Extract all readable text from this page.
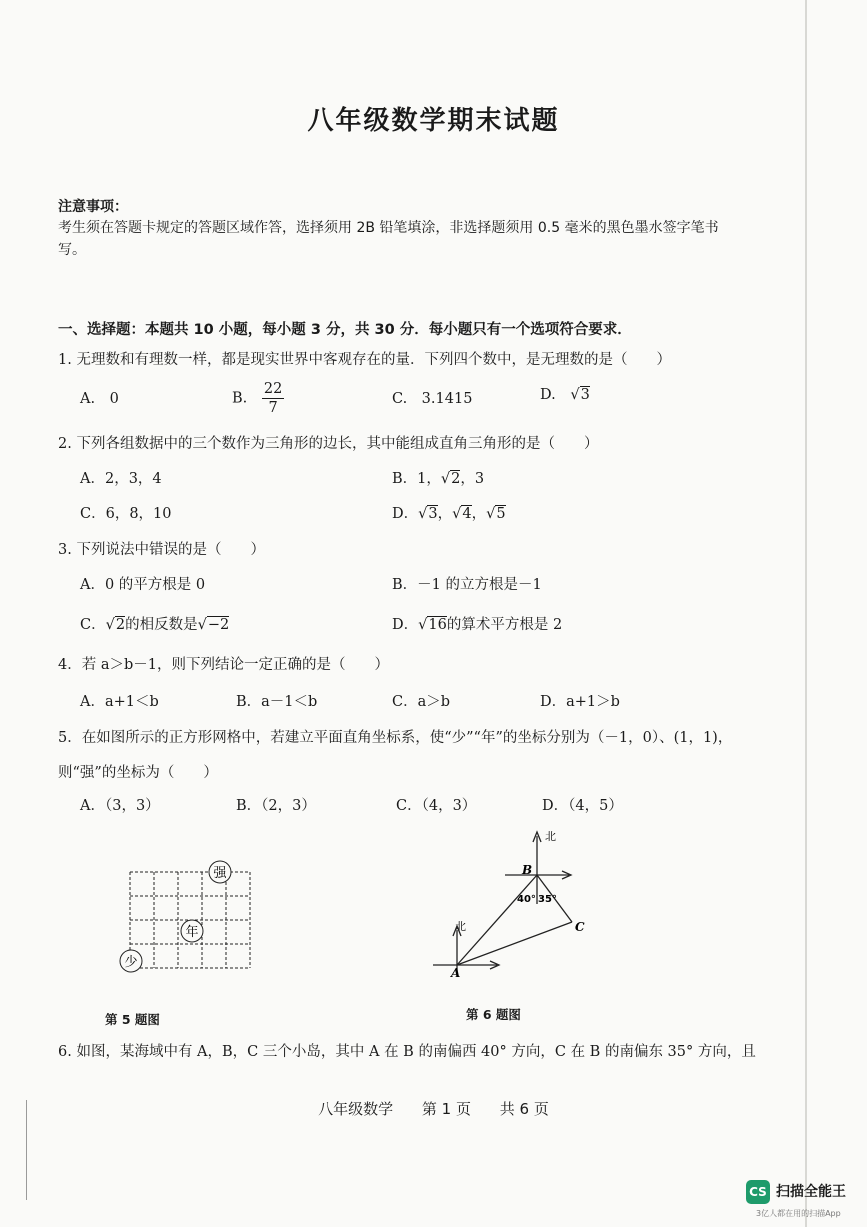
八年级数学期末试题
注意事项：
考生须在答题卡规定的答题区域作答，选择须用 2B 铅笔填涂，非选择题须用 0.5 毫米的黑色墨水签字笔书写。
一、选择题：本题共 10 小题，每小题 3 分，共 30 分．每小题只有一个选项符合要求．
1. 无理数和有理数一样，都是现实世界中客观存在的量．下列四个数中，是无理数的是（　　）
A.　0	B. $\frac{22}{7}$	C.　3.1415	D. √3
2. 下列各组数据中的三个数作为三角形的边长，其中能组成直角三角形的是（　　）
A．2，3，4	B．1，√2，3
C．6，8，10	D．√3，√4，√5
3. 下列说法中错误的是（　　）
A．0 的平方根是 0	B．－1 的立方根是－1
C．√2的相反数是√−2	D．√16的算术平方根是 2
4．若 a＞b－1，则下列结论一定正确的是（　　）
A．a+1＜b	B．a－1＜b	C．a＞b	D．a+1＞b
5．在如图所示的正方形网格中，若建立平面直角坐标系，使“少”“年”的坐标分别为（－1，0）、(1，1)，
则“强”的坐标为（　　）
A．（3，3）	B．（2，3）	C．（4，3）	D．（4，5）
强
年
少
第 5 题图
北
北
B
A
C
40° 35°
第 6 题图
6. 如图，某海域中有 A，B，C 三个小岛，其中 A 在 B 的南偏西 40° 方向，C 在 B 的南偏东 35° 方向，且
八年级数学 第 1 页 共 6 页
CS 扫描全能王
3亿人都在用的扫描App
